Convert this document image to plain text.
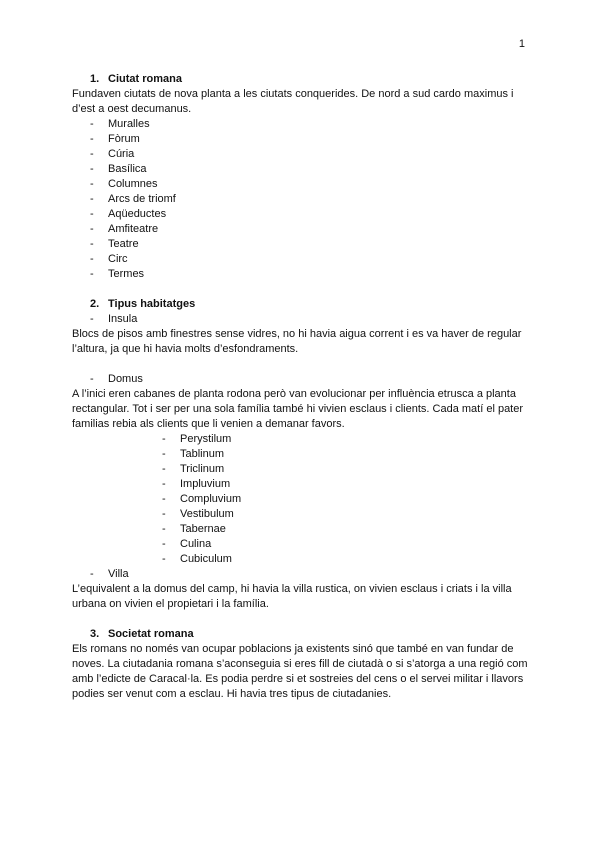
1
1. Ciutat romana

Fundaven ciutats de nova planta a les ciutats conquerides. De nord a sud cardo maximus i d’est a oest decumanus.

- Muralles
- Fòrum
- Cúria
- Basílica
- Columnes
- Arcs de triomf
- Aqüeductes
- Amfiteatre
- Teatre
- Circ
- Termes
2. Tipus habitatges
- Insula

Blocs de pisos amb finestres sense vidres, no hi havia aigua corrent i es va haver de regular l’altura, ja que hi havia molts d’esfondraments.

- Domus

A l’inici eren cabanes de planta rodona però van evolucionar per influència etrusca a planta rectangular. Tot i ser per una sola família també hi vivien esclaus i clients. Cada matí el pater familias rebia als clients que li venien a demanar favors.

- Perystilum
- Tablinum
- Triclinum
- Impluvium
- Compluvium
- Vestibulum
- Tabernae
- Culina
- Cubiculum
- Villa

L’equivalent a la domus del camp, hi havia la villa rustica, on vivien esclaus i criats i la villa urbana on vivien el propietari i la família.

3. Societat romana

Els romans no només van ocupar poblacions ja existents sinó que també en van fundar de noves. La ciutadania romana s’aconseguia si eres fill de ciutadà o si s’atorga a una regió com amb l’edicte de Caracal·la. Es podia perdre si et sostreies del cens o el servei militar i llavors podies ser venut com a esclau. Hi havia tres tipus de ciutadanies.
